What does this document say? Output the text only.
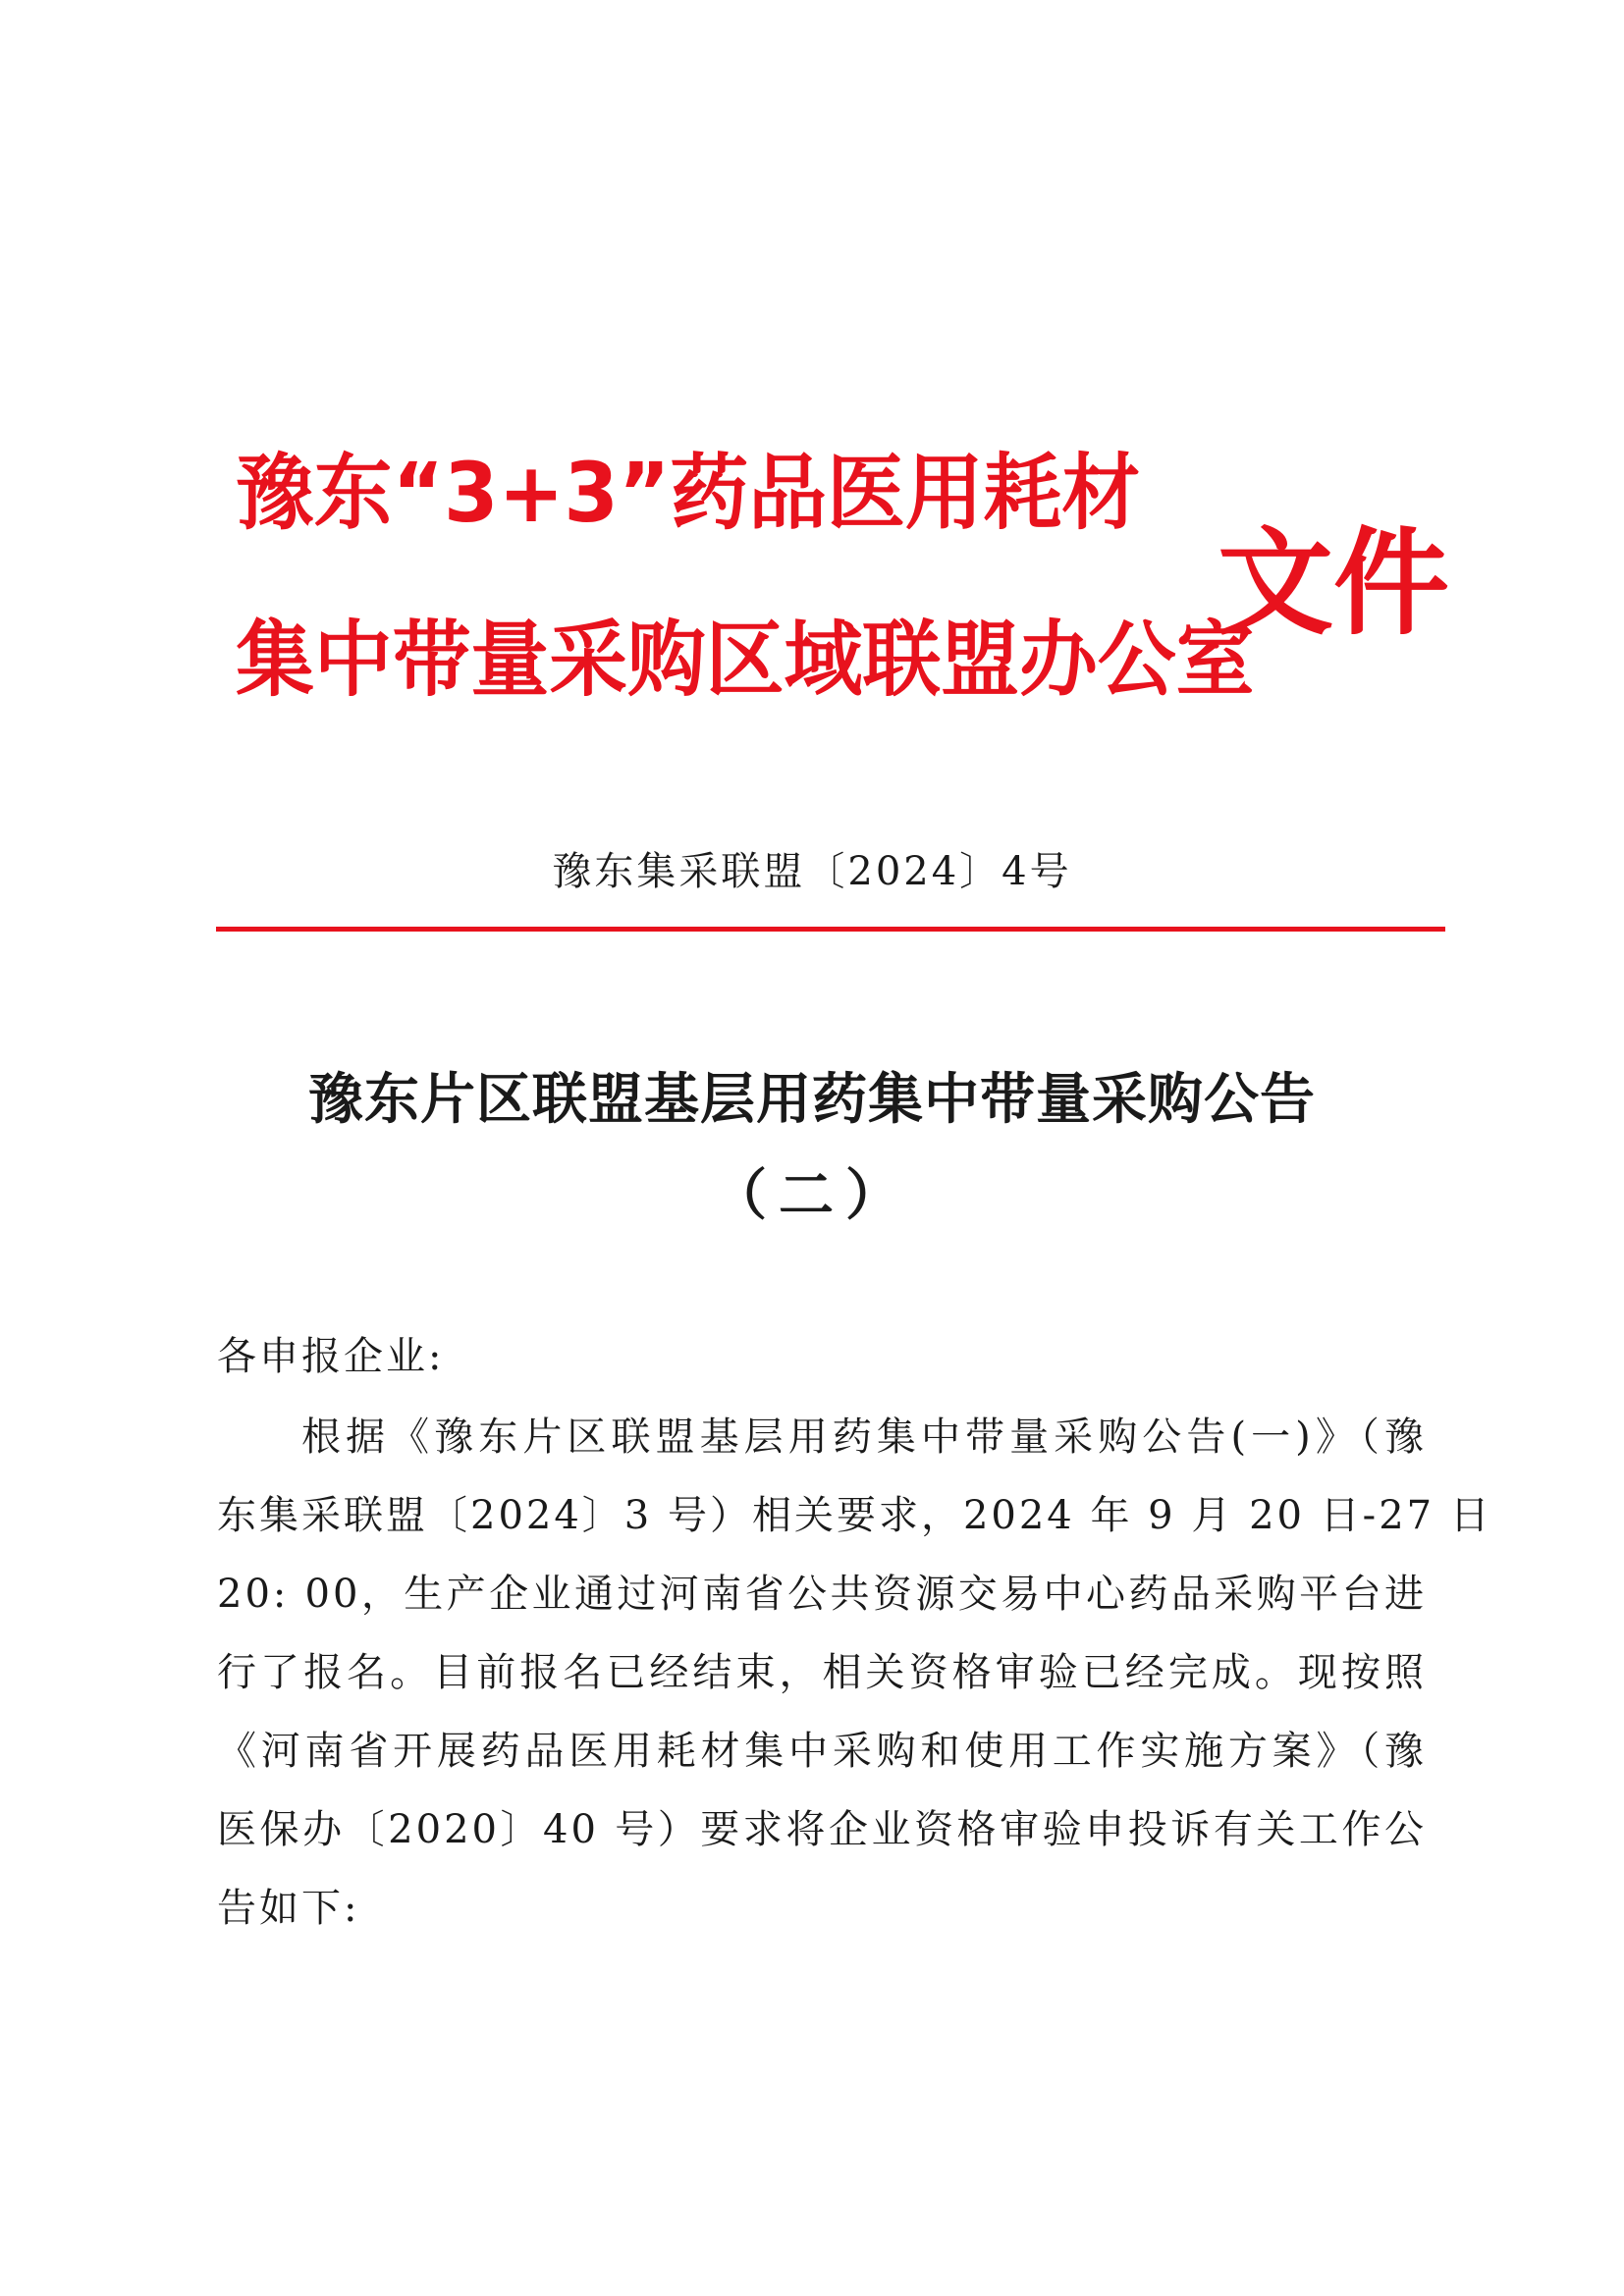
豫东“3+3”药品医用耗材
集中带量采购区域联盟办公室
文件
豫东集采联盟〔2024〕4号
豫东片区联盟基层用药集中带量采购公告
（二）
各申报企业:
根据《豫东片区联盟基层用药集中带量采购公告(一)》（豫
东集采联盟〔2024〕3 号）相关要求，2024 年 9 月 20 日-27 日
20: 00，生产企业通过河南省公共资源交易中心药品采购平台进
行了报名。目前报名已经结束，相关资格审验已经完成。现按照
《河南省开展药品医用耗材集中采购和使用工作实施方案》（豫
医保办〔2020〕40 号）要求将企业资格审验申投诉有关工作公
告如下:
